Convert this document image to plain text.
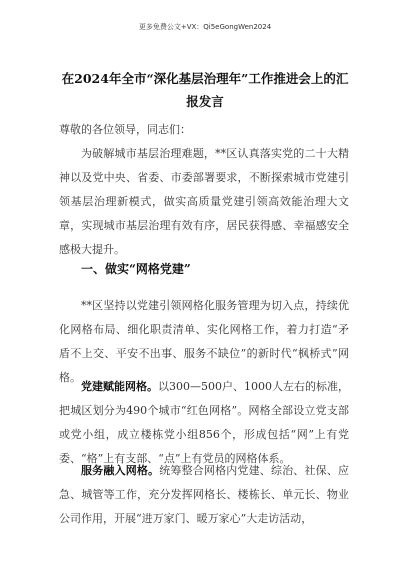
更多免费公文+VX：Qi5eGongWen2024
在2024年全市“深化基层治理年”工作推进会上的汇报发言
尊敬的各位领导，同志们：
为破解城市基层治理难题，**区认真落实党的二十大精神以及党中央、省委、市委部署要求，不断探索城市党建引领基层治理新模式，做实高质量党建引领高效能治理大文章，实现城市基层治理有效有序，居民获得感、幸福感安全感极大提升。
一、做实“网格党建”
**区坚持以党建引领网格化服务管理为切入点，持续优化网格布局、细化职责清单、实化网格工作，着力打造“矛盾不上交、平安不出事、服务不缺位”的新时代“枫桥式”网格。
党建赋能网格。以300—500户、1000人左右的标准，把城区划分为490个城市“红色网格”。网格全部设立党支部或党小组，成立楼栋党小组856个，形成包括“网”上有党委、“格”上有支部、“点”上有党员的网格体系。
服务融入网格。统筹整合网格内党建、综治、社保、应急、城管等工作，充分发挥网格长、楼栋长、单元长、物业公司作用，开展“进万家门、暖万家心”大走访活动，
